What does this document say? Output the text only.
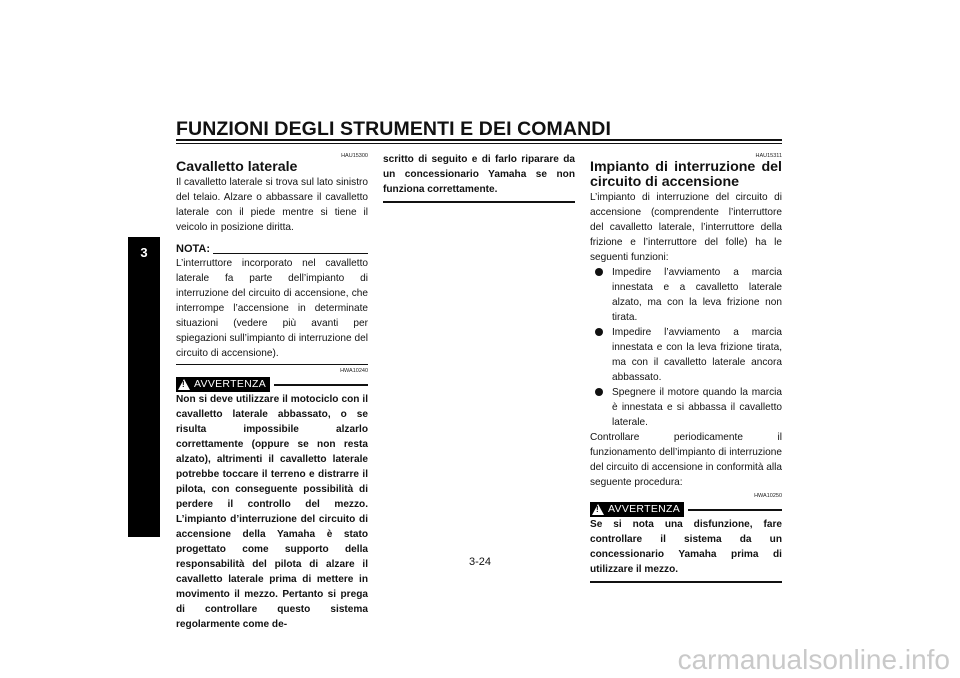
FUNZIONI DEGLI STRUMENTI E DEI COMANDI
3
HAU15300

Cavalletto laterale

Il cavalletto laterale si trova sul lato sinistro del telaio. Alzare o abbassare il cavalletto laterale con il piede mentre si tiene il veicolo in posizione diritta.

NOTA:

L’interruttore incorporato nel cavalletto laterale fa parte dell’impianto di interruzione del circuito di accensione, che interrompe l’accensione in determinate situazioni (vedere più avanti per spiegazioni sull’impianto di interruzione del circuito di accensione).

HWA10240
! AVVERTENZA

Non si deve utilizzare il motociclo con il cavalletto laterale abbassato, o se risulta impossibile alzarlo correttamente (oppure se non resta alzato), altrimenti il cavalletto laterale potrebbe toccare il terreno e distrarre il pilota, con conseguente possibilità di perdere il controllo del mezzo. L’impianto d’interruzione del circuito di accensione della Yamaha è stato progettato come supporto della responsabilità del pilota di alzare il cavalletto laterale prima di mettere in movimento il mezzo. Pertanto si prega di controllare questo sistema regolarmente come de-

scritto di seguito e di farlo riparare da un concessionario Yamaha se non funziona correttamente.

HAU15311

Impianto di interruzione del circuito di accensione

L’impianto di interruzione del circuito di accensione (comprendente l’interruttore del cavalletto laterale, l’interruttore della frizione e l’interruttore del folle) ha le seguenti funzioni:

Impedire l’avviamento a marcia innestata e a cavalletto laterale alzato, ma con la leva frizione non tirata.
Impedire l’avviamento a marcia innestata e con la leva frizione tirata, ma con il cavalletto laterale ancora abbassato.
Spegnere il motore quando la marcia è innestata e si abbassa il cavalletto laterale.

Controllare periodicamente il funzionamento dell’impianto di interruzione del circuito di accensione in conformità alla seguente procedura:

HWA10250
! AVVERTENZA

Se si nota una disfunzione, fare controllare il sistema da un concessionario Yamaha prima di utilizzare il mezzo.

3-24
carmanualsonline.info
